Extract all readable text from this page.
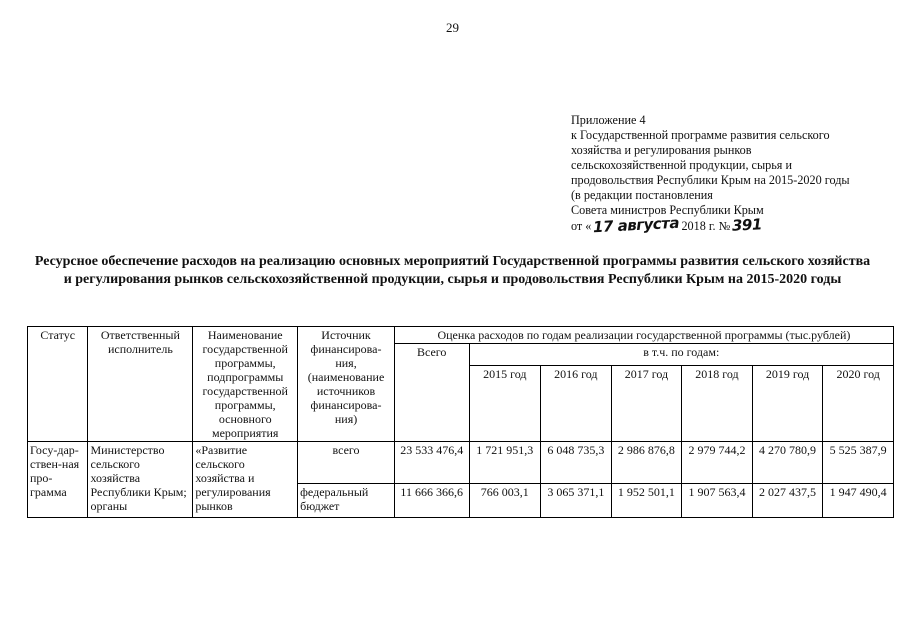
29
Приложение 4
к Государственной программе развития сельского
хозяйства и регулирования рынков
сельскохозяйственной продукции, сырья и
продовольствия Республики Крым на 2015-2020 годы
(в редакции постановления
Совета министров Республики Крым
от « 17 августа 2018 г. № 391
Ресурсное обеспечение расходов на реализацию основных мероприятий Государственной программы развития сельского хозяйства и регулирования рынков сельскохозяйственной продукции, сырья и продовольствия Республики Крым на 2015-2020 годы
Статус	Ответственный исполнитель	Наименование государственной программы, подпрограммы государственной программы, основного мероприятия	Источник финансирова-ния, (наименование источников финансирова-ния)	Оценка расходов по годам реализации государственной программы (тыс.рублей)						
				Всего	в т.ч. по годам:					
					2015 год	2016 год	2017 год	2018 год	2019 год	2020 год
Госу-дар-ствен-ная про-грамма	Министерство сельского хозяйства Республики Крым; органы	«Развитие сельского хозяйства и регулирования рынков	всего	23 533 476,4	1 721 951,3	6 048 735,3	2 986 876,8	2 979 744,2	4 270 780,9	5 525 387,9
			федеральный бюджет	11 666 366,6	766 003,1	3 065 371,1	1 952 501,1	1 907 563,4	2 027 437,5	1 947 490,4
